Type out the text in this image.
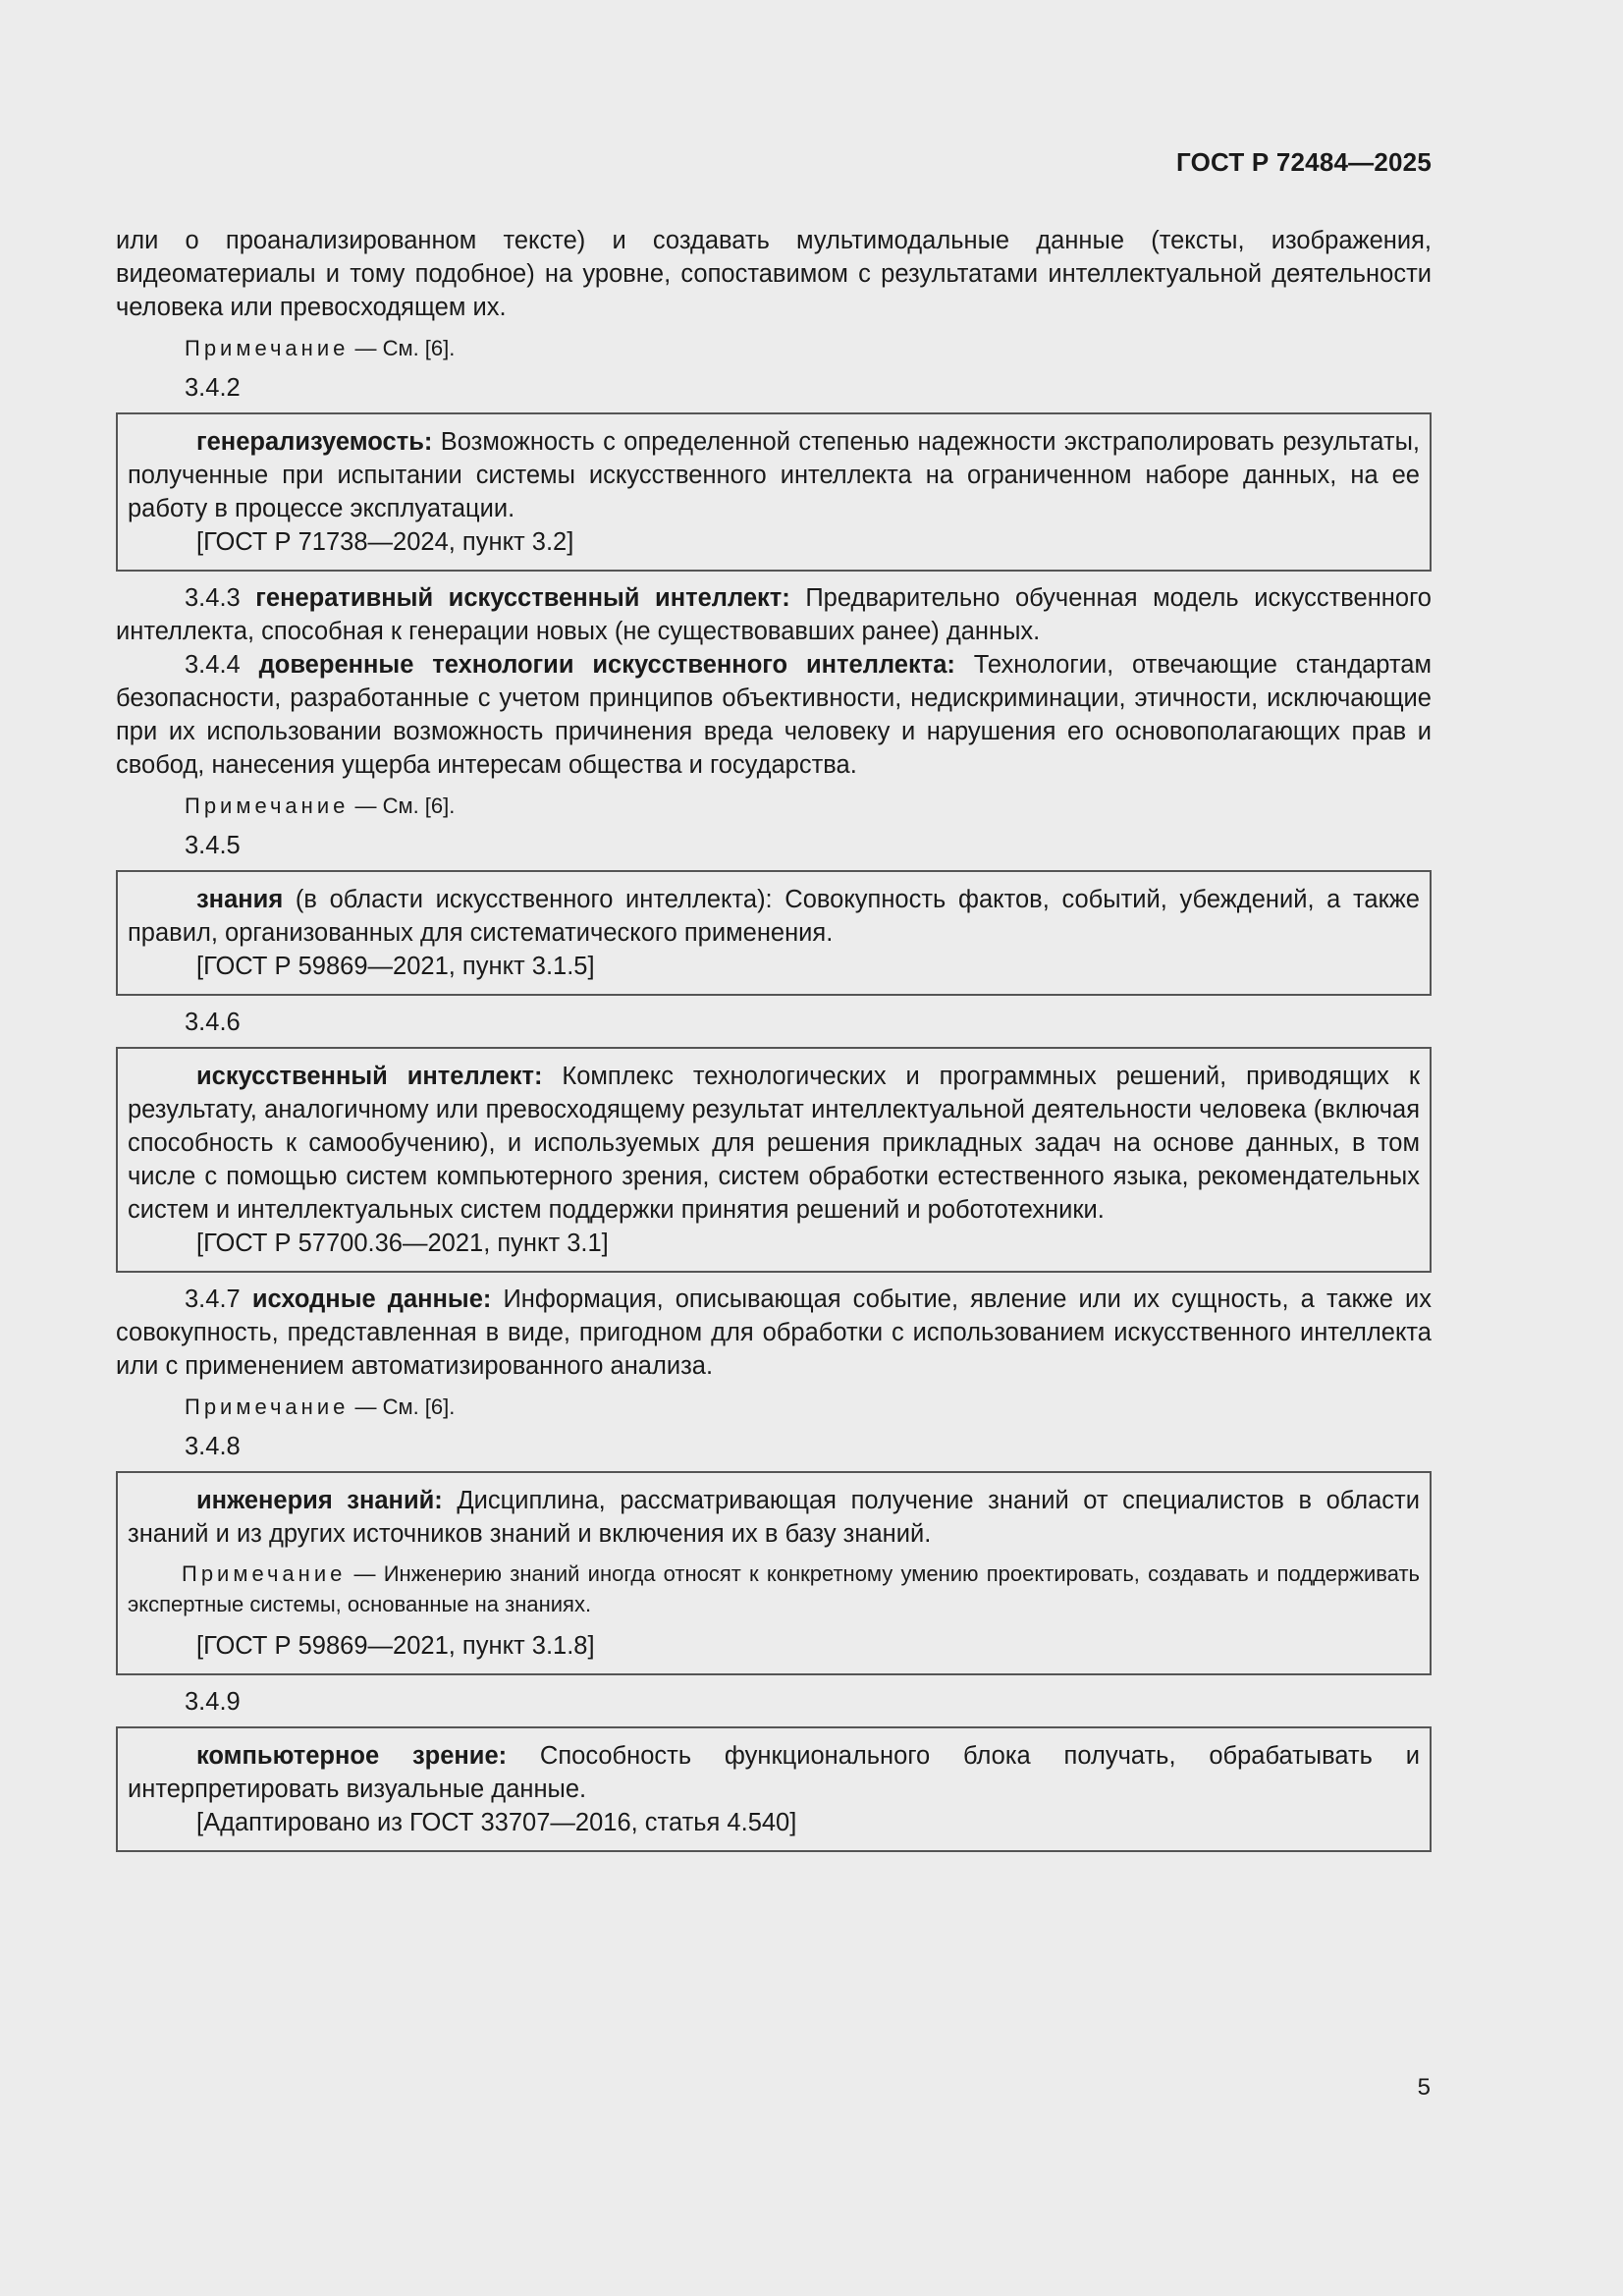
ГОСТ Р 72484—2025

или о проанализированном тексте) и создавать мультимодальные данные (тексты, изображения, видеоматериалы и тому подобное) на уровне, сопоставимом с результатами интеллектуальной деятельности человека или превосходящем их.

Примечание — См. [6].

3.4.2

генерализуемость: Возможность с определенной степенью надежности экстраполировать результаты, полученные при испытании системы искусственного интеллекта на ограниченном наборе данных, на ее работу в процессе эксплуатации.

[ГОСТ Р 71738—2024, пункт 3.2]

3.4.3 генеративный искусственный интеллект: Предварительно обученная модель искусственного интеллекта, способная к генерации новых (не существовавших ранее) данных.

3.4.4 доверенные технологии искусственного интеллекта: Технологии, отвечающие стандартам безопасности, разработанные с учетом принципов объективности, недискриминации, этичности, исключающие при их использовании возможность причинения вреда человеку и нарушения его основополагающих прав и свобод, нанесения ущерба интересам общества и государства.

Примечание — См. [6].

3.4.5

знания (в области искусственного интеллекта): Совокупность фактов, событий, убеждений, а также правил, организованных для систематического применения.

[ГОСТ Р 59869—2021, пункт 3.1.5]

3.4.6

искусственный интеллект: Комплекс технологических и программных решений, приводящих к результату, аналогичному или превосходящему результат интеллектуальной деятельности человека (включая способность к самообучению), и используемых для решения прикладных задач на основе данных, в том числе с помощью систем компьютерного зрения, систем обработки естественного языка, рекомендательных систем и интеллектуальных систем поддержки принятия решений и робототехники.

[ГОСТ Р 57700.36—2021, пункт 3.1]

3.4.7 исходные данные: Информация, описывающая событие, явление или их сущность, а также их совокупность, представленная в виде, пригодном для обработки с использованием искусственного интеллекта или с применением автоматизированного анализа.

Примечание — См. [6].

3.4.8

инженерия знаний: Дисциплина, рассматривающая получение знаний от специалистов в области знаний и из других источников знаний и включения их в базу знаний.

Примечание — Инженерию знаний иногда относят к конкретному умению проектировать, создавать и поддерживать экспертные системы, основанные на знаниях.

[ГОСТ Р 59869—2021, пункт 3.1.8]

3.4.9

компьютерное зрение: Способность функционального блока получать, обрабатывать и интерпретировать визуальные данные.

[Адаптировано из ГОСТ 33707—2016, статья 4.540]

5
